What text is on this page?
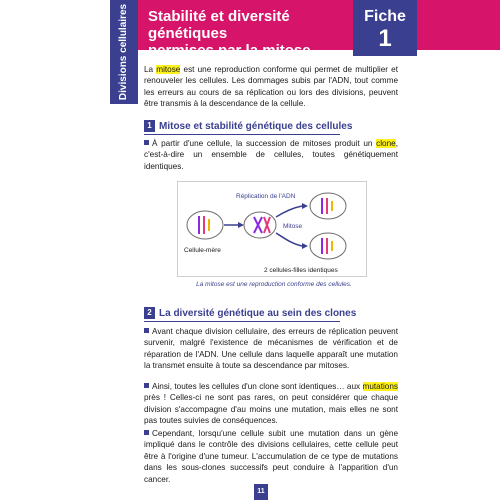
Divisions cellulaires	Stabilité et diversité génétiques
permises par la mitose
Fiche
1
La mitose est une reproduction conforme qui permet de multiplier et renouveler les cellules. Les dommages subis par l'ADN, tout comme les erreurs au cours de sa réplication ou lors des divisions, peuvent être transmis à la descendance de la cellule.
1 Mitose et stabilité génétique des cellules
À partir d'une cellule, la succession de mitoses produit un clone, c'est-à-dire un ensemble de cellules, toutes génétiquement identiques.
Réplication de l'ADN
Mitose
Cellule-mère
2 cellules-filles identiques
La mitose est une reproduction conforme des cellules.
2 La diversité génétique au sein des clones
Avant chaque division cellulaire, des erreurs de réplication peuvent survenir, malgré l'existence de mécanismes de vérification et de réparation de l'ADN. Une cellule dans laquelle apparaît une mutation la transmet ensuite à toute sa descendance par mitoses.
Ainsi, toutes les cellules d'un clone sont identiques… aux mutations près ! Celles-ci ne sont pas rares, on peut considérer que chaque division s'accompagne d'au moins une mutation, mais elles ne sont pas toutes suivies de conséquences.
Cependant, lorsqu'une cellule subit une mutation dans un gène impliqué dans le contrôle des divisions cellulaires, cette cellule peut être à l'origine d'une tumeur. L'accumulation de ce type de mutations dans les sous-clones successifs peut conduire à l'apparition d'un cancer.
11
